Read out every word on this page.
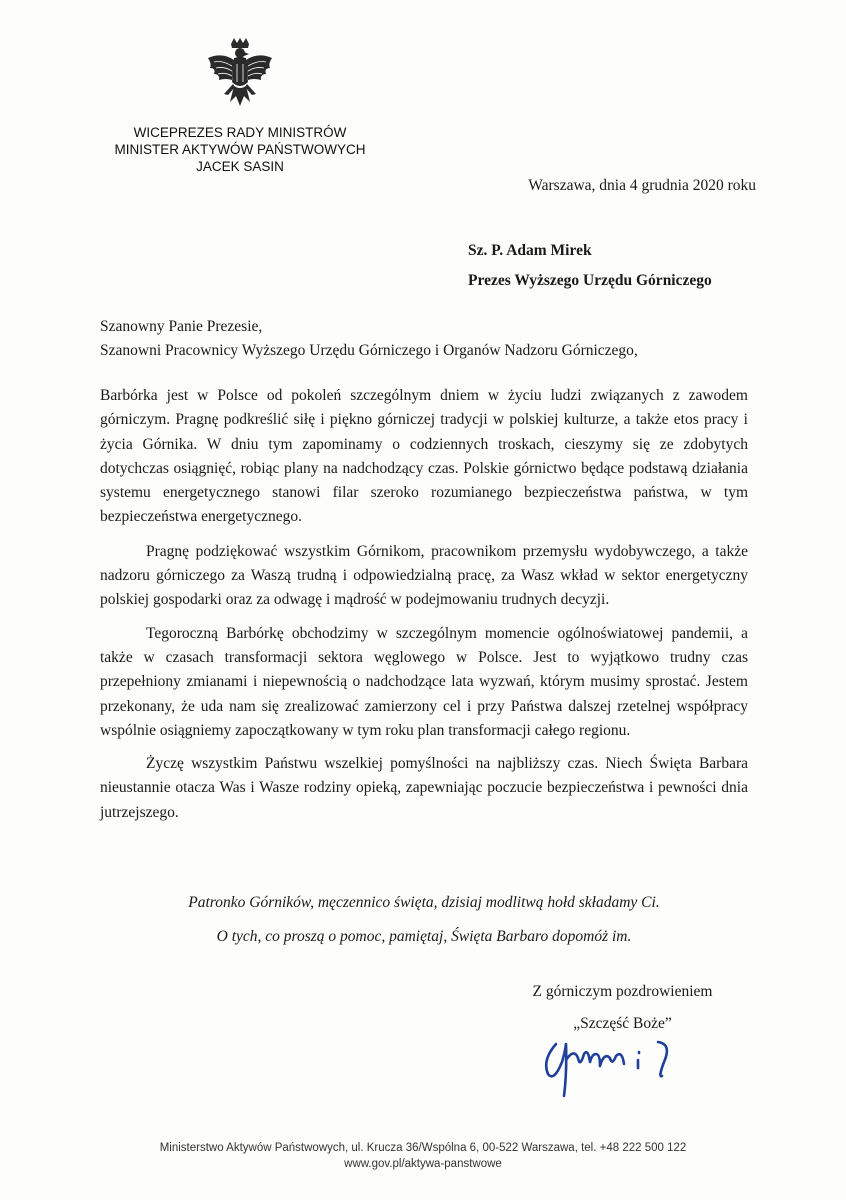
WICEPREZES RADY MINISTRÓW
MINISTER AKTYWÓW PAŃSTWOWYCH
JACEK SASIN
Warszawa, dnia 4 grudnia 2020 roku
Sz. P. Adam Mirek
Prezes Wyższego Urzędu Górniczego
Szanowny Panie Prezesie,
Szanowni Pracownicy Wyższego Urzędu Górniczego i Organów Nadzoru Górniczego,

Barbórka jest w Polsce od pokoleń szczególnym dniem w życiu ludzi związanych z zawodem górniczym. Pragnę podkreślić siłę i piękno górniczej tradycji w polskiej kulturze, a także etos pracy i życia Górnika. W dniu tym zapominamy o codziennych troskach, cieszymy się ze zdobytych dotychczas osiągnięć, robiąc plany na nadchodzący czas. Polskie górnictwo będące podstawą działania systemu energetycznego stanowi filar szeroko rozumianego bezpieczeństwa państwa, w tym bezpieczeństwa energetycznego.

Pragnę podziękować wszystkim Górnikom, pracownikom przemysłu wydobywczego, a także nadzoru górniczego za Waszą trudną i odpowiedzialną pracę, za Wasz wkład w sektor energetyczny polskiej gospodarki oraz za odwagę i mądrość w podejmowaniu trudnych decyzji.

Tegoroczną Barbórkę obchodzimy w szczególnym momencie ogólnoświatowej pandemii, a także w czasach transformacji sektora węglowego w Polsce. Jest to wyjątkowo trudny czas przepełniony zmianami i niepewnością o nadchodzące lata wyzwań, którym musimy sprostać. Jestem przekonany, że uda nam się zrealizować zamierzony cel i przy Państwa dalszej rzetelnej współpracy wspólnie osiągniemy zapoczątkowany w tym roku plan transformacji całego regionu.

Życzę wszystkim Państwu wszelkiej pomyślności na najbliższy czas. Niech Święta Barbara nieustannie otacza Was i Wasze rodziny opieką, zapewniając poczucie bezpieczeństwa i pewności dnia jutrzejszego.

Patronko Górników, męczennico święta, dzisiaj modlitwą hołd składamy Ci.
O tych, co proszą o pomoc, pamiętaj, Święta Barbaro dopomóż im.
Z górniczym pozdrowieniem
„Szczęść Boże”
Ministerstwo Aktywów Państwowych, ul. Krucza 36/Wspólna 6, 00-522 Warszawa, tel. +48 222 500 122
www.gov.pl/aktywa-panstwowe
